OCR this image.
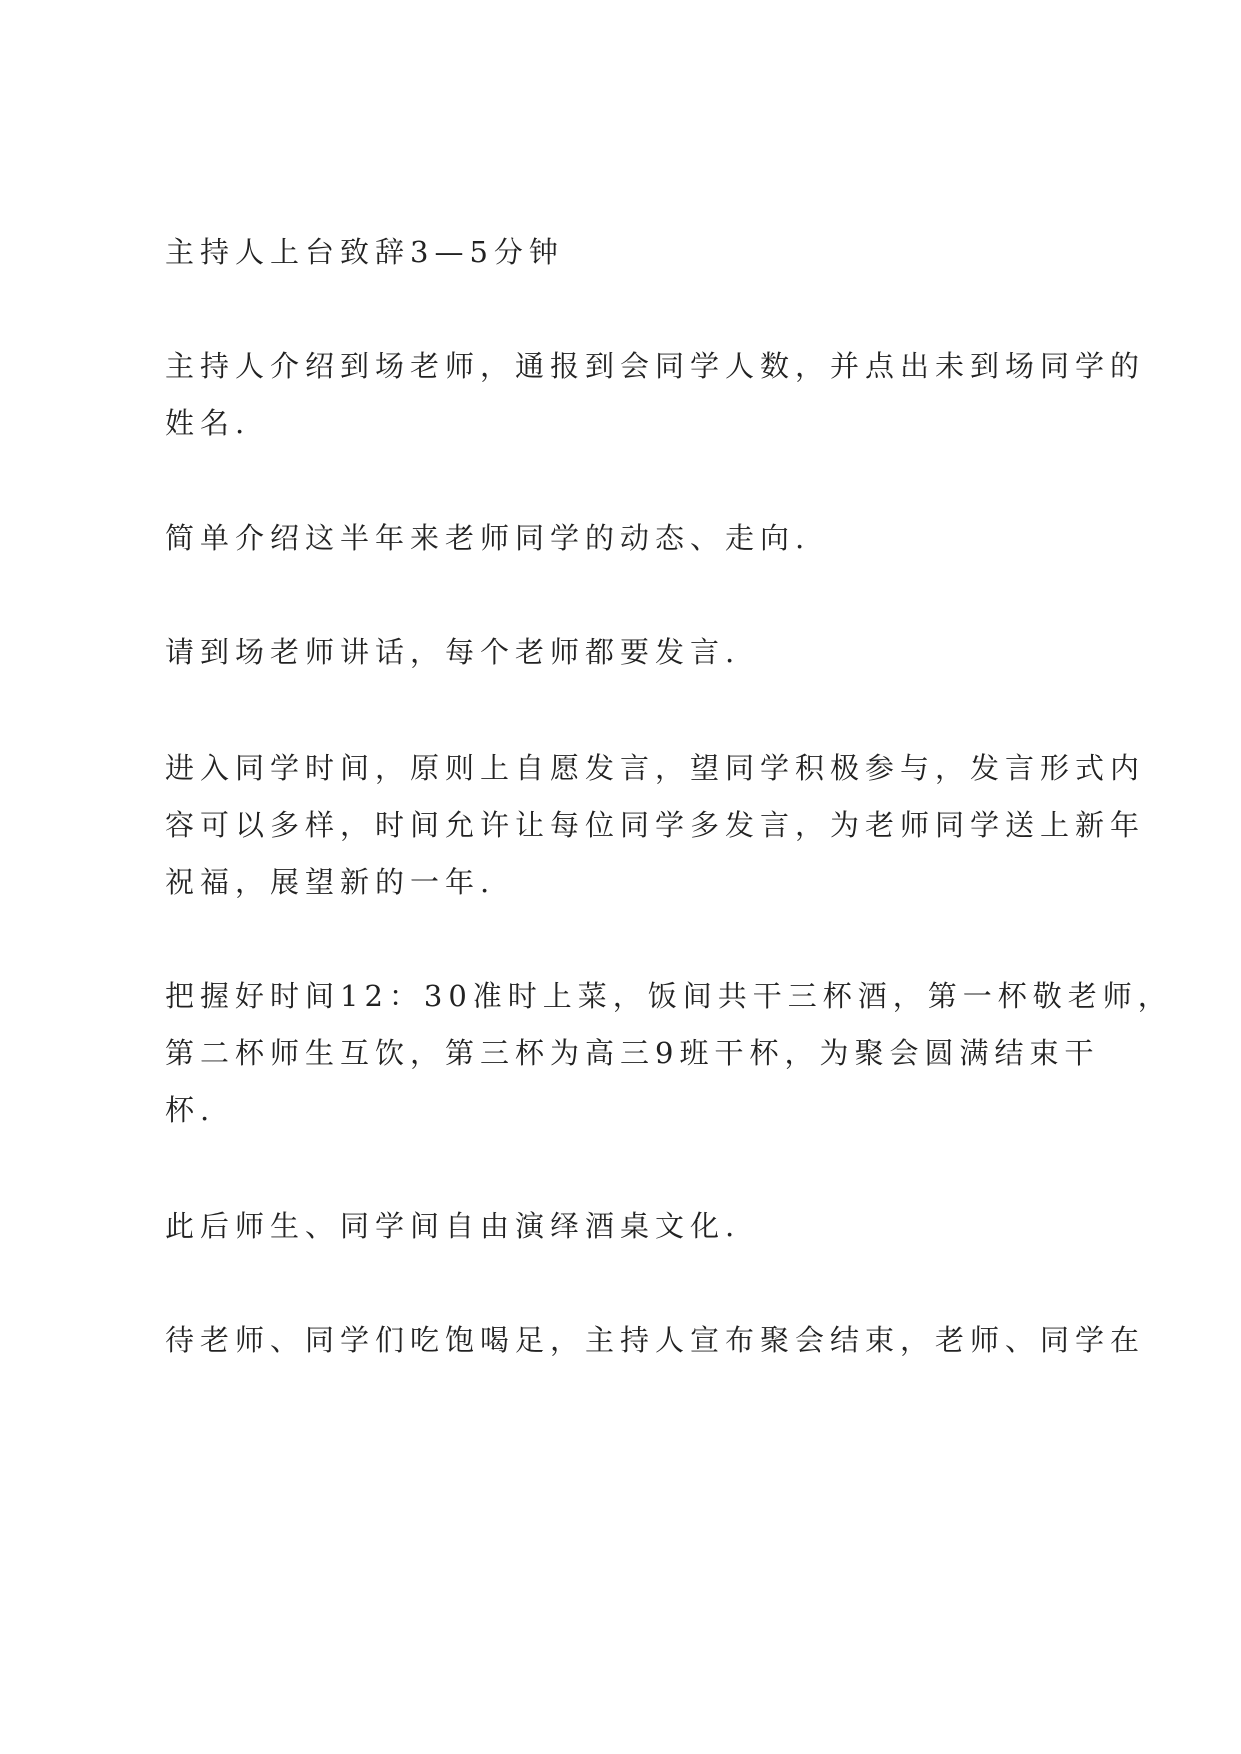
主持人上台致辞3—5分钟

主持人介绍到场老师，通报到会同学人数，并点出未到场同学的
姓名.

简单介绍这半年来老师同学的动态、走向.

请到场老师讲话，每个老师都要发言.

进入同学时间，原则上自愿发言，望同学积极参与，发言形式内
容可以多样，时间允许让每位同学多发言，为老师同学送上新年
祝福，展望新的一年.

把握好时间12：30准时上菜，饭间共干三杯酒，第一杯敬老师，
第二杯师生互饮，第三杯为高三9班干杯，为聚会圆满结束干
杯.

此后师生、同学间自由演绎酒桌文化.

待老师、同学们吃饱喝足，主持人宣布聚会结束，老师、同学在
